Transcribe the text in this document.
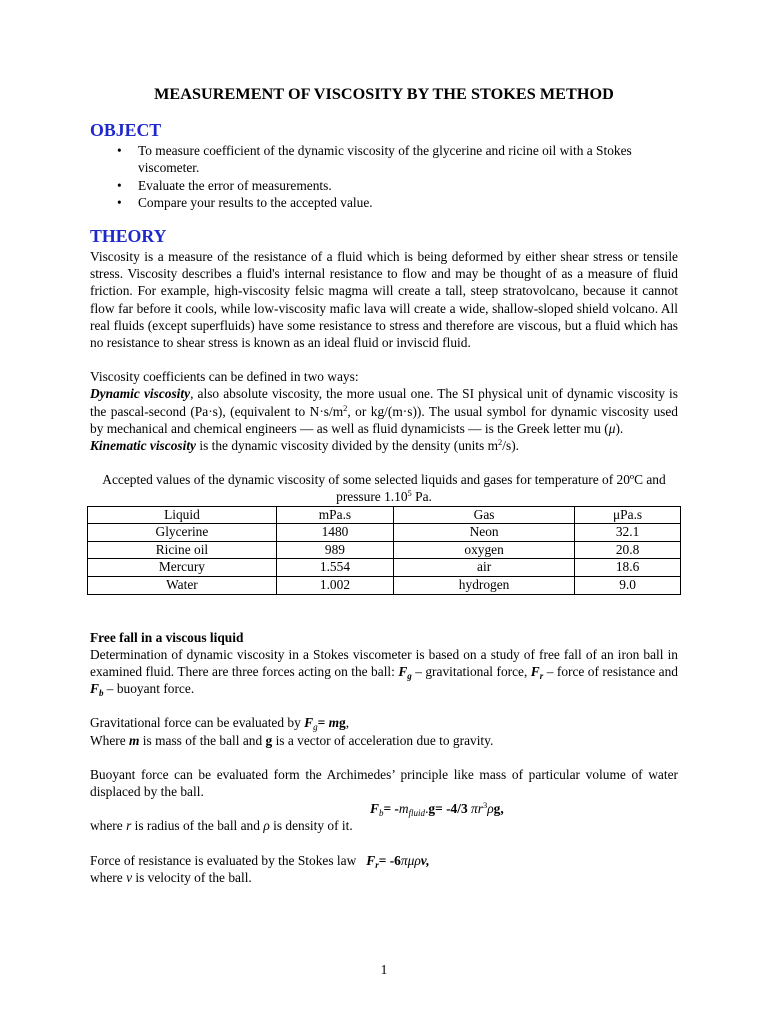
MEASUREMENT OF VISCOSITY BY THE STOKES METHOD
OBJECT
• To measure coefficient of the dynamic viscosity of the glycerine and ricine oil with a Stokes viscometer.
• Evaluate the error of measurements.
• Compare your results to the accepted value.
THEORY

Viscosity is a measure of the resistance of a fluid which is being deformed by either shear stress or tensile stress. Viscosity describes a fluid's internal resistance to flow and may be thought of as a measure of fluid friction. For example, high-viscosity felsic magma will create a tall, steep stratovolcano, because it cannot flow far before it cools, while low-viscosity mafic lava will create a wide, shallow-sloped shield volcano. All real fluids (except superfluids) have some resistance to stress and therefore are viscous, but a fluid which has no resistance to shear stress is known as an ideal fluid or inviscid fluid.

Viscosity coefficients can be defined in two ways:

Dynamic viscosity, also absolute viscosity, the more usual one. The SI physical unit of dynamic viscosity is the pascal-second (Pa·s), (equivalent to $N\cdot s/m^2$, or kg/(m·s)). The usual symbol for dynamic viscosity used by mechanical and chemical engineers — as well as fluid dynamicists — is the Greek letter mu (μ).

Kinematic viscosity is the dynamic viscosity divided by the density (units $m^2/s$).

Accepted values of the dynamic viscosity of some selected liquids and gases for temperature of 20ºC and pressure 1.10$^5$ Pa.

Liquid	mPa.s	Gas	μPa.s
Glycerine	1480	Neon	32.1
Ricine oil	989	oxygen	20.8
Mercury	1.554	air	18.6
Water	1.002	hydrogen	9.0

Free fall in a viscous liquid

Determination of dynamic viscosity in a Stokes viscometer is based on a study of free fall of an iron ball in examined fluid. There are three forces acting on the ball: $F_g$ – gravitational force, $F_r$ – force of resistance and $F_b$ – buoyant force.

Gravitational force can be evaluated by $F_g=$ mg,

Where m is mass of the ball and g is a vector of acceleration due to gravity.

Buoyant force can be evaluated form the Archimedes’ principle like mass of particular volume of water displaced by the ball.

$F_b= -m_{fluid}.g= -4/3$ $\pi r^3\rho g$,

where r is radius of the ball and ρ is density of it.

Force of resistance is evaluated by the Stokes law   $F_r= -6\pi\mu\rho v$,

where v is velocity of the ball.

1
